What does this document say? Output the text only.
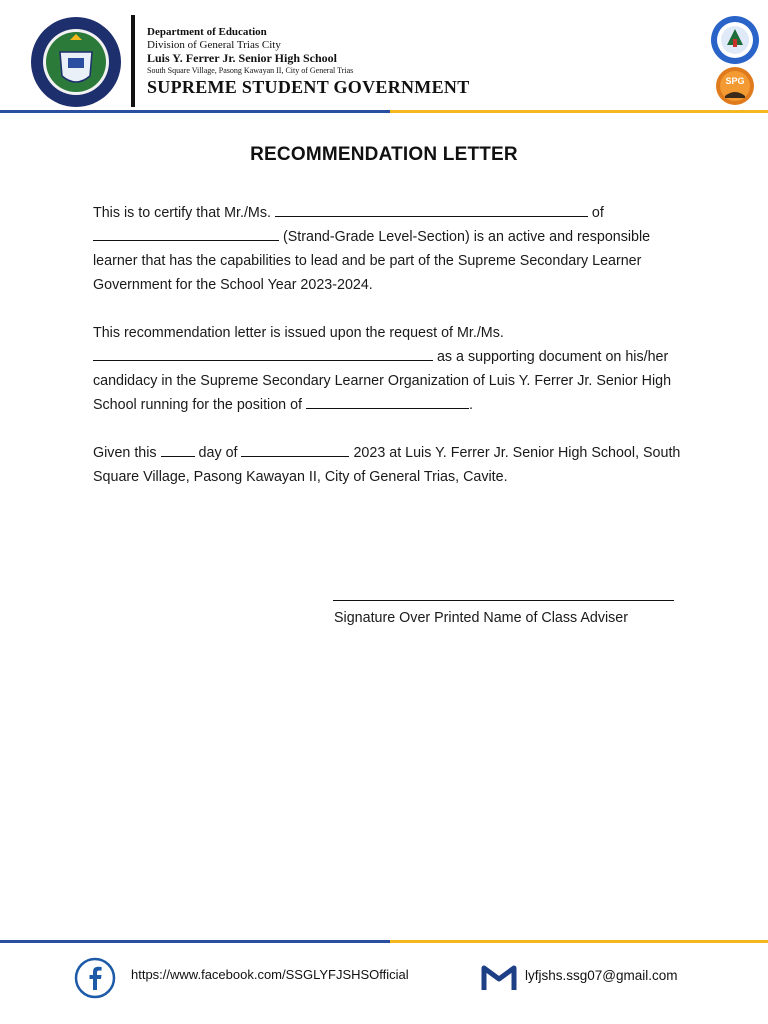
Department of Education
Division of General Trias City
Luis Y. Ferrer Jr. Senior High School
South Square Village, Pasong Kawayan II, City of General Trias
SUPREME STUDENT GOVERNMENT	SPG
RECOMMENDATION LETTER

This is to certify that Mr./Ms.	of  (Strand-Grade Level-Section) is an active and responsible learner that has the capabilities to lead and be part of the Supreme Secondary Learner Government for the School Year 2023-2024.

This recommendation letter is issued upon the request of Mr./Ms.  as a supporting document on his/her candidacy in the Supreme Secondary Learner Organization of Luis Y. Ferrer Jr. Senior High School running for the position of	.

Given this	day of	2023 at Luis Y. Ferrer Jr. Senior High School, South Square Village, Pasong Kawayan II, City of General Trias, Cavite.

Signature Over Printed Name of Class Adviser
https://www.facebook.com/SSGLYFJSHSOfficial	lyfjshs.ssg07@gmail.com
